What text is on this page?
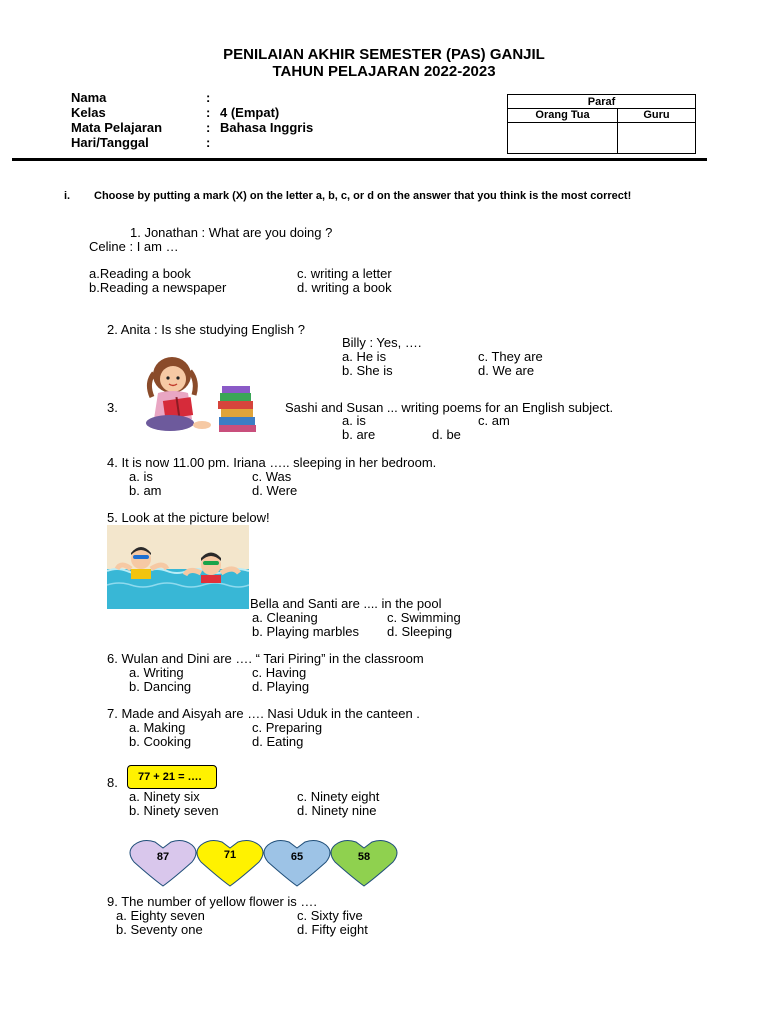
PENILAIAN AKHIR SEMESTER (PAS) GANJIL
TAHUN PELAJARAN 2022-2023
Nama	:
Kelas	: 4 (Empat)
Mata Pelajaran	: Bahasa Inggris
Hari/Tanggal	:
Paraf
Orang Tua	Guru
i. Choose by putting a mark (X) on the letter a, b, c, or d on the answer that you think is the most correct!
1. Jonathan : What are you doing ?
Celine : I am …
a.Reading a book
b.Reading a newspaper
c. writing a letter
d. writing a book
2. Anita : Is she studying English ?
Billy : Yes, ….
a. He is
b. She is
c. They are
d. We are
3.	Sashi and Susan ... writing poems for an English subject.
a. is
b. are
c. am
d. be
4. It is now 11.00 pm. Iriana ….. sleeping in her bedroom.
a. is
b. am
c. Was
d. Were
5. Look at the picture below!
Bella and Santi are .... in the pool
a. Cleaning
b. Playing marbles
c. Swimming
d. Sleeping
6. Wulan and Dini are …. “ Tari Piring” in the classroom
a. Writing
b. Dancing
c. Having
d. Playing
7. Made and Aisyah are …. Nasi Uduk in the canteen .
a. Making
b. Cooking
c. Preparing
d. Eating
8.	77 + 21 = ….
a. Ninety six
b. Ninety seven
c. Ninety eight
d. Ninety nine
87	71	65	58
9. The number of yellow flower is ….
a. Eighty seven
b. Seventy one
c. Sixty five
d. Fifty eight
